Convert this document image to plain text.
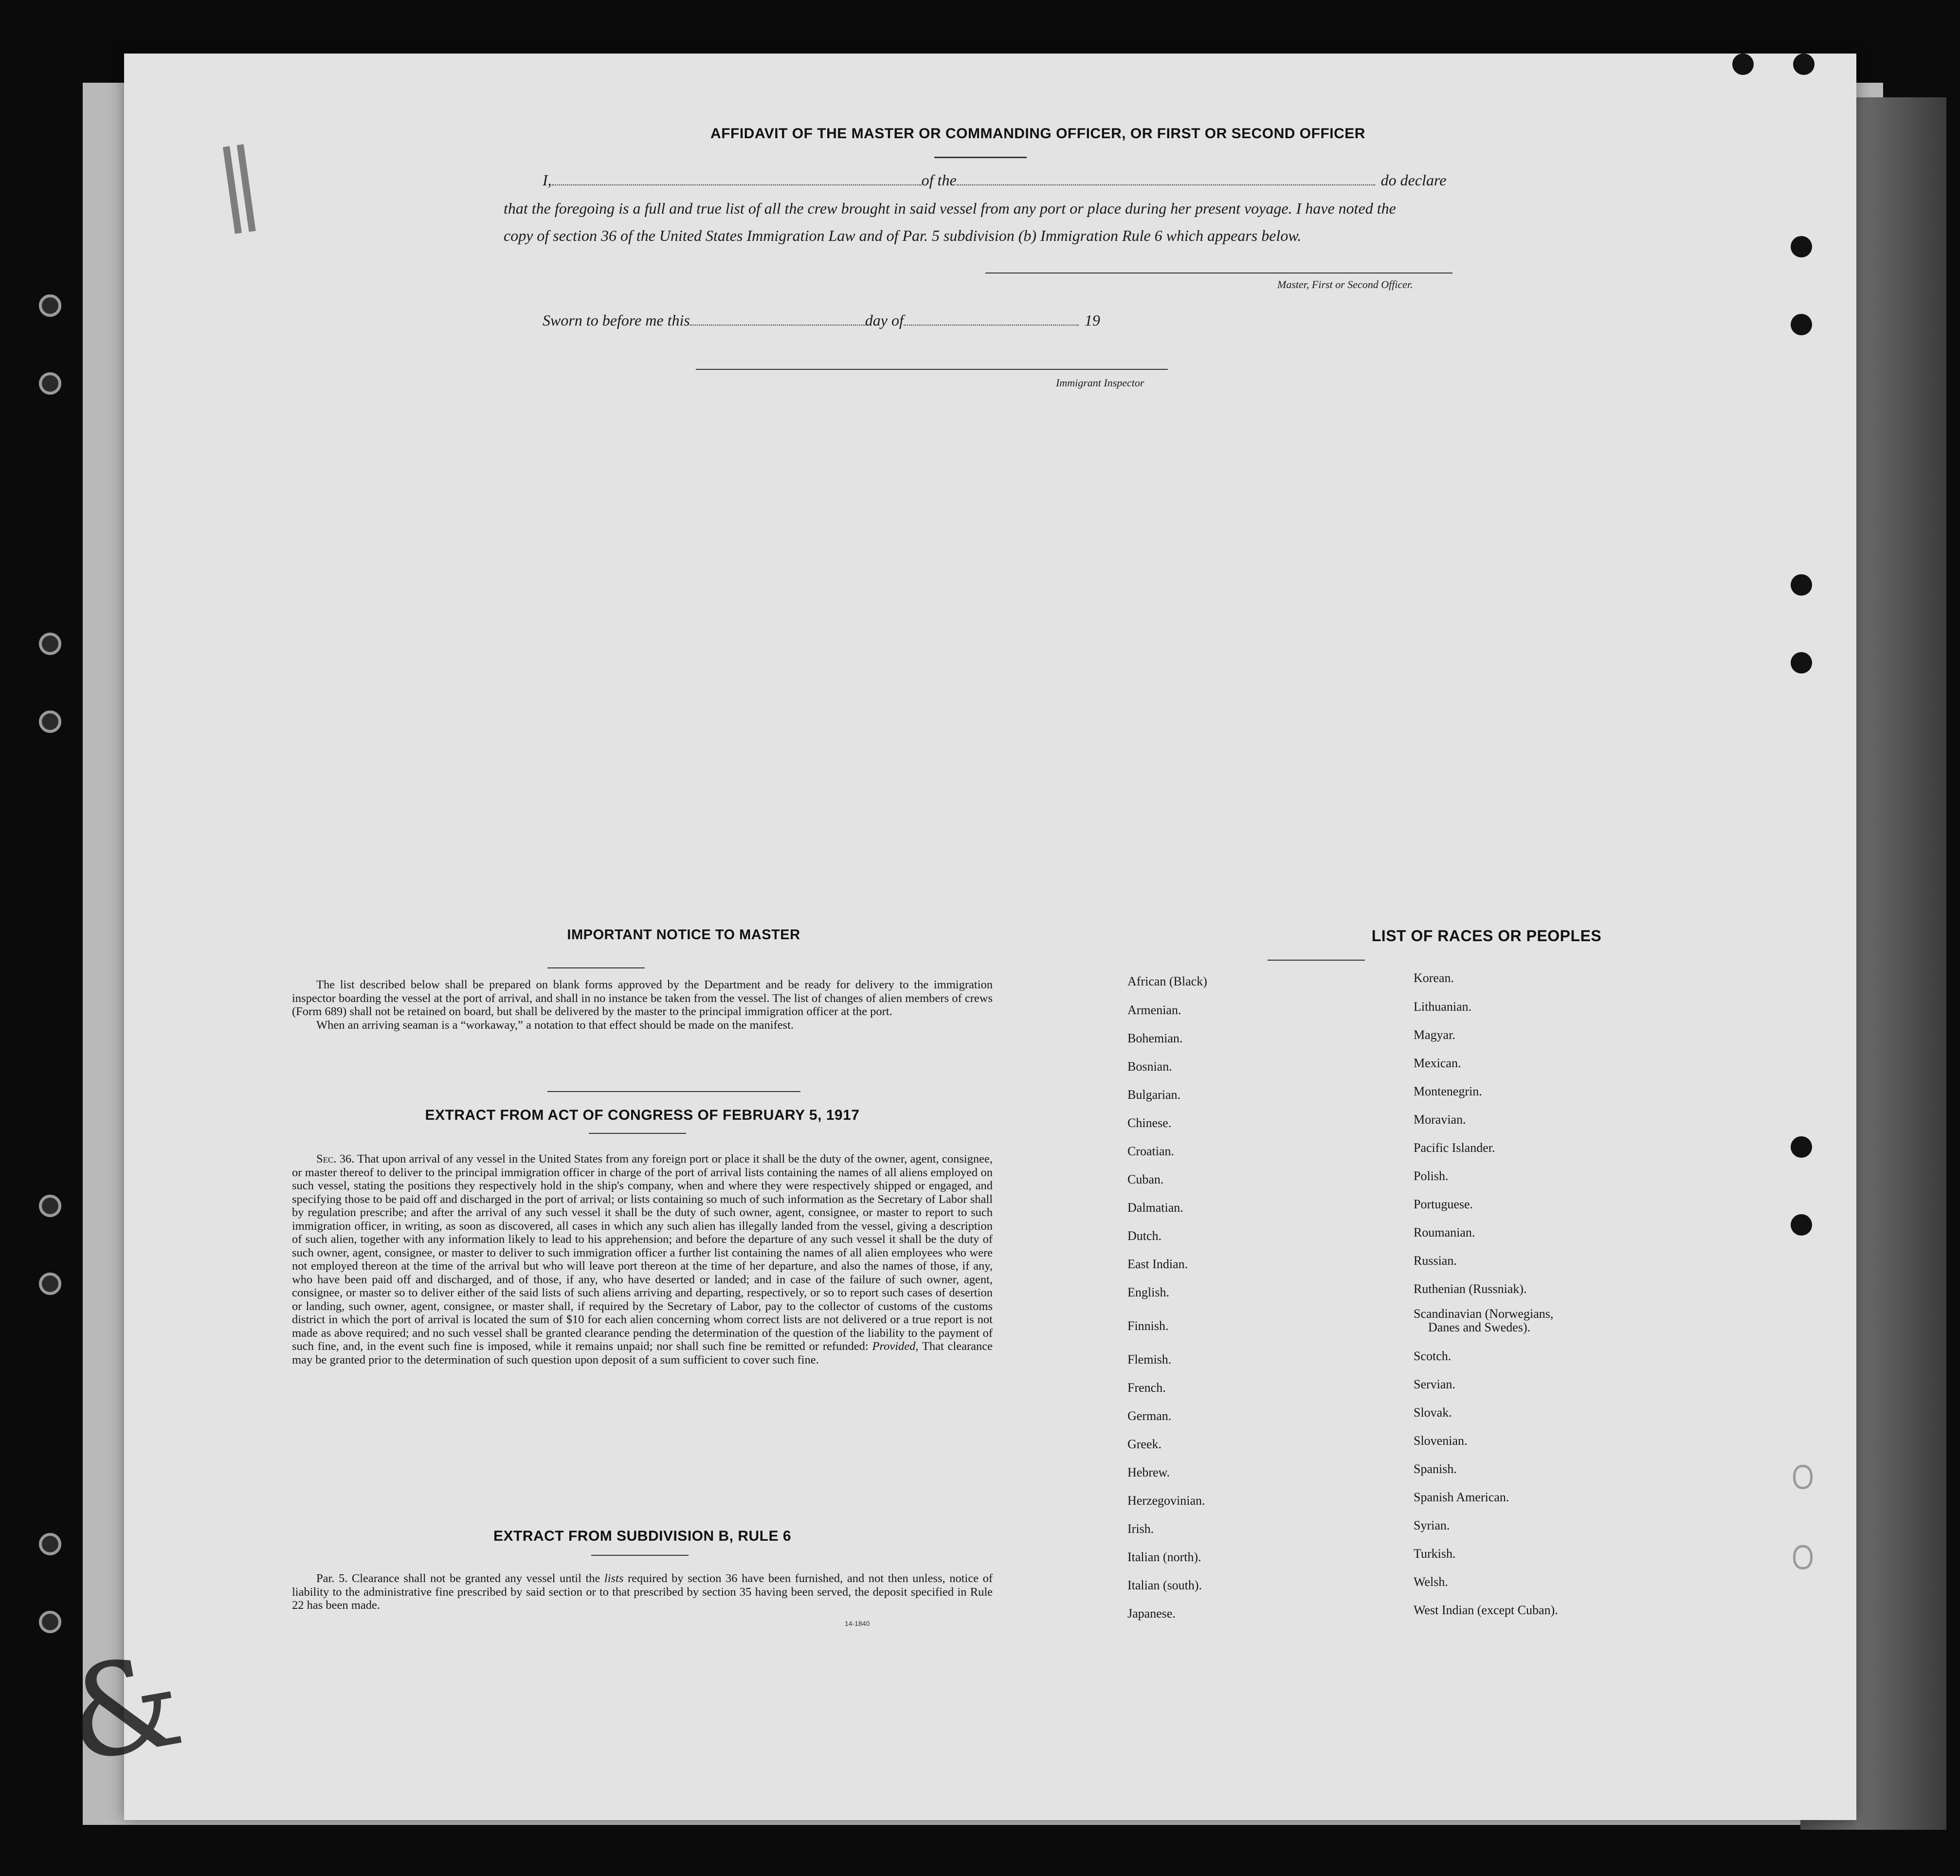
AFFIDAVIT OF THE MASTER OR COMMANDING OFFICER, OR FIRST OR SECOND OFFICER
I,	of the	do declare
that the foregoing is a full and true list of all the crew brought in said vessel from any port or place during her present voyage. I have noted the
copy of section 36 of the United States Immigration Law and of Par. 5 subdivision (b) Immigration Rule 6 which appears below.
Master, First or Second Officer.
Sworn to before me this	day of	19
Immigrant Inspector
IMPORTANT NOTICE TO MASTER

The list described below shall be prepared on blank forms approved by the Department and be ready for delivery to the immigration inspector boarding the vessel at the port of arrival, and shall in no instance be taken from the vessel. The list of changes of alien members of crews (Form 689) shall not be retained on board, but shall be delivered by the master to the principal immigration officer at the port.

When an arriving seaman is a “workaway,” a notation to that effect should be made on the manifest.

EXTRACT FROM ACT OF CONGRESS OF FEBRUARY 5, 1917

Sec. 36. That upon arrival of any vessel in the United States from any foreign port or place it shall be the duty of the owner, agent, consignee, or master thereof to deliver to the principal immigration officer in charge of the port of arrival lists containing the names of all aliens employed on such vessel, stating the positions they respectively hold in the ship's company, when and where they were respectively shipped or engaged, and specifying those to be paid off and discharged in the port of arrival; or lists containing so much of such information as the Secretary of Labor shall by regulation prescribe; and after the arrival of any such vessel it shall be the duty of such owner, agent, consignee, or master to report to such immigration officer, in writing, as soon as discovered, all cases in which any such alien has illegally landed from the vessel, giving a description of such alien, together with any information likely to lead to his apprehension; and before the departure of any such vessel it shall be the duty of such owner, agent, consignee, or master to deliver to such immigration officer a further list containing the names of all alien employees who were not employed thereon at the time of the arrival but who will leave port thereon at the time of her departure, and also the names of those, if any, who have been paid off and discharged, and of those, if any, who have deserted or landed; and in case of the failure of such owner, agent, consignee, or master so to deliver either of the said lists of such aliens arriving and departing, respectively, or so to report such cases of desertion or landing, such owner, agent, consignee, or master shall, if required by the Secretary of Labor, pay to the collector of customs of the customs district in which the port of arrival is located the sum of $10 for each alien concerning whom correct lists are not delivered or a true report is not made as above required; and no such vessel shall be granted clearance pending the determination of the question of the liability to the payment of such fine, and, in the event such fine is imposed, while it remains unpaid; nor shall such fine be remitted or refunded: Provided, That clearance may be granted prior to the determination of such question upon deposit of a sum sufficient to cover such fine.

EXTRACT FROM SUBDIVISION B, RULE 6

Par. 5. Clearance shall not be granted any vessel until the lists required by section 36 have been furnished, and not then unless, notice of liability to the administrative fine prescribed by said section or to that prescribed by section 35 having been served, the deposit specified in Rule 22 has been made.

14-1840
LIST OF RACES OR PEOPLES
African (Black)
Armenian.
Bohemian.
Bosnian.
Bulgarian.
Chinese.
Croatian.
Cuban.
Dalmatian.
Dutch.
East Indian.
English.
Finnish.
Flemish.
French.
German.
Greek.
Hebrew.
Herzegovinian.
Irish.
Italian (north).
Italian (south).
Japanese.
Korean.
Lithuanian.
Magyar.
Mexican.
Montenegrin.
Moravian.
Pacific Islander.
Polish.
Portuguese.
Roumanian.
Russian.
Ruthenian (Russniak).
Scandinavian (Norwegians,
Danes and Swedes).
Scotch.
Servian.
Slovak.
Slovenian.
Spanish.
Spanish American.
Syrian.
Turkish.
Welsh.
West Indian (except Cuban).
‖
&
